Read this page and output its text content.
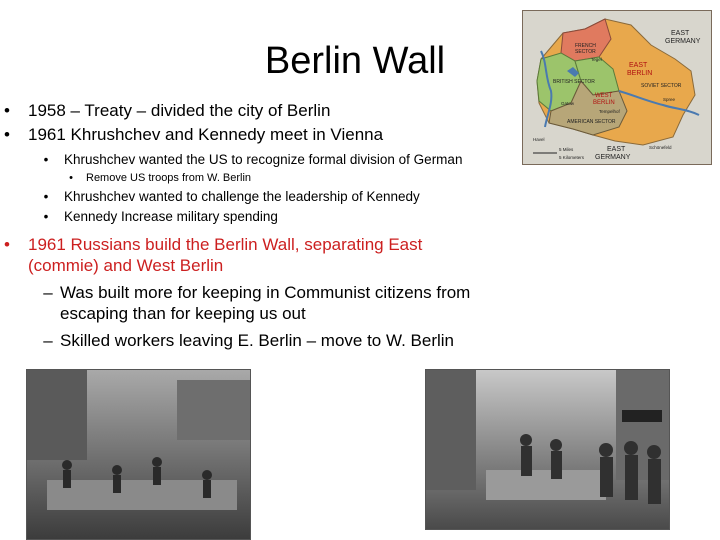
Berlin Wall
•	1958 – Treaty – divided the city of Berlin
•	1961 Khrushchev and Kennedy meet in Vienna
•	Khrushchev wanted the US to recognize formal division of German
•	Remove US troops from W. Berlin
•	Khrushchev wanted to challenge the leadership of Kennedy
•	Kennedy Increase military spending
•	1961 Russians build the Berlin Wall, separating East
(commie) and West Berlin
– Was built more for keeping in Communist citizens from
escaping than for keeping us out
– Skilled workers leaving E. Berlin – move to W. Berlin
EAST
GERMANY
FRENCH
SECTOR
Tegel
EAST
BERLIN
BRITISH SECTOR
SOVIET SECTOR
WEST
BERLIN
Gatow
Tempelhof
AMERICAN SECTOR
Spree
EAST
GERMANY
Schönefeld
Havel
5 Miles
5 Kilometers
